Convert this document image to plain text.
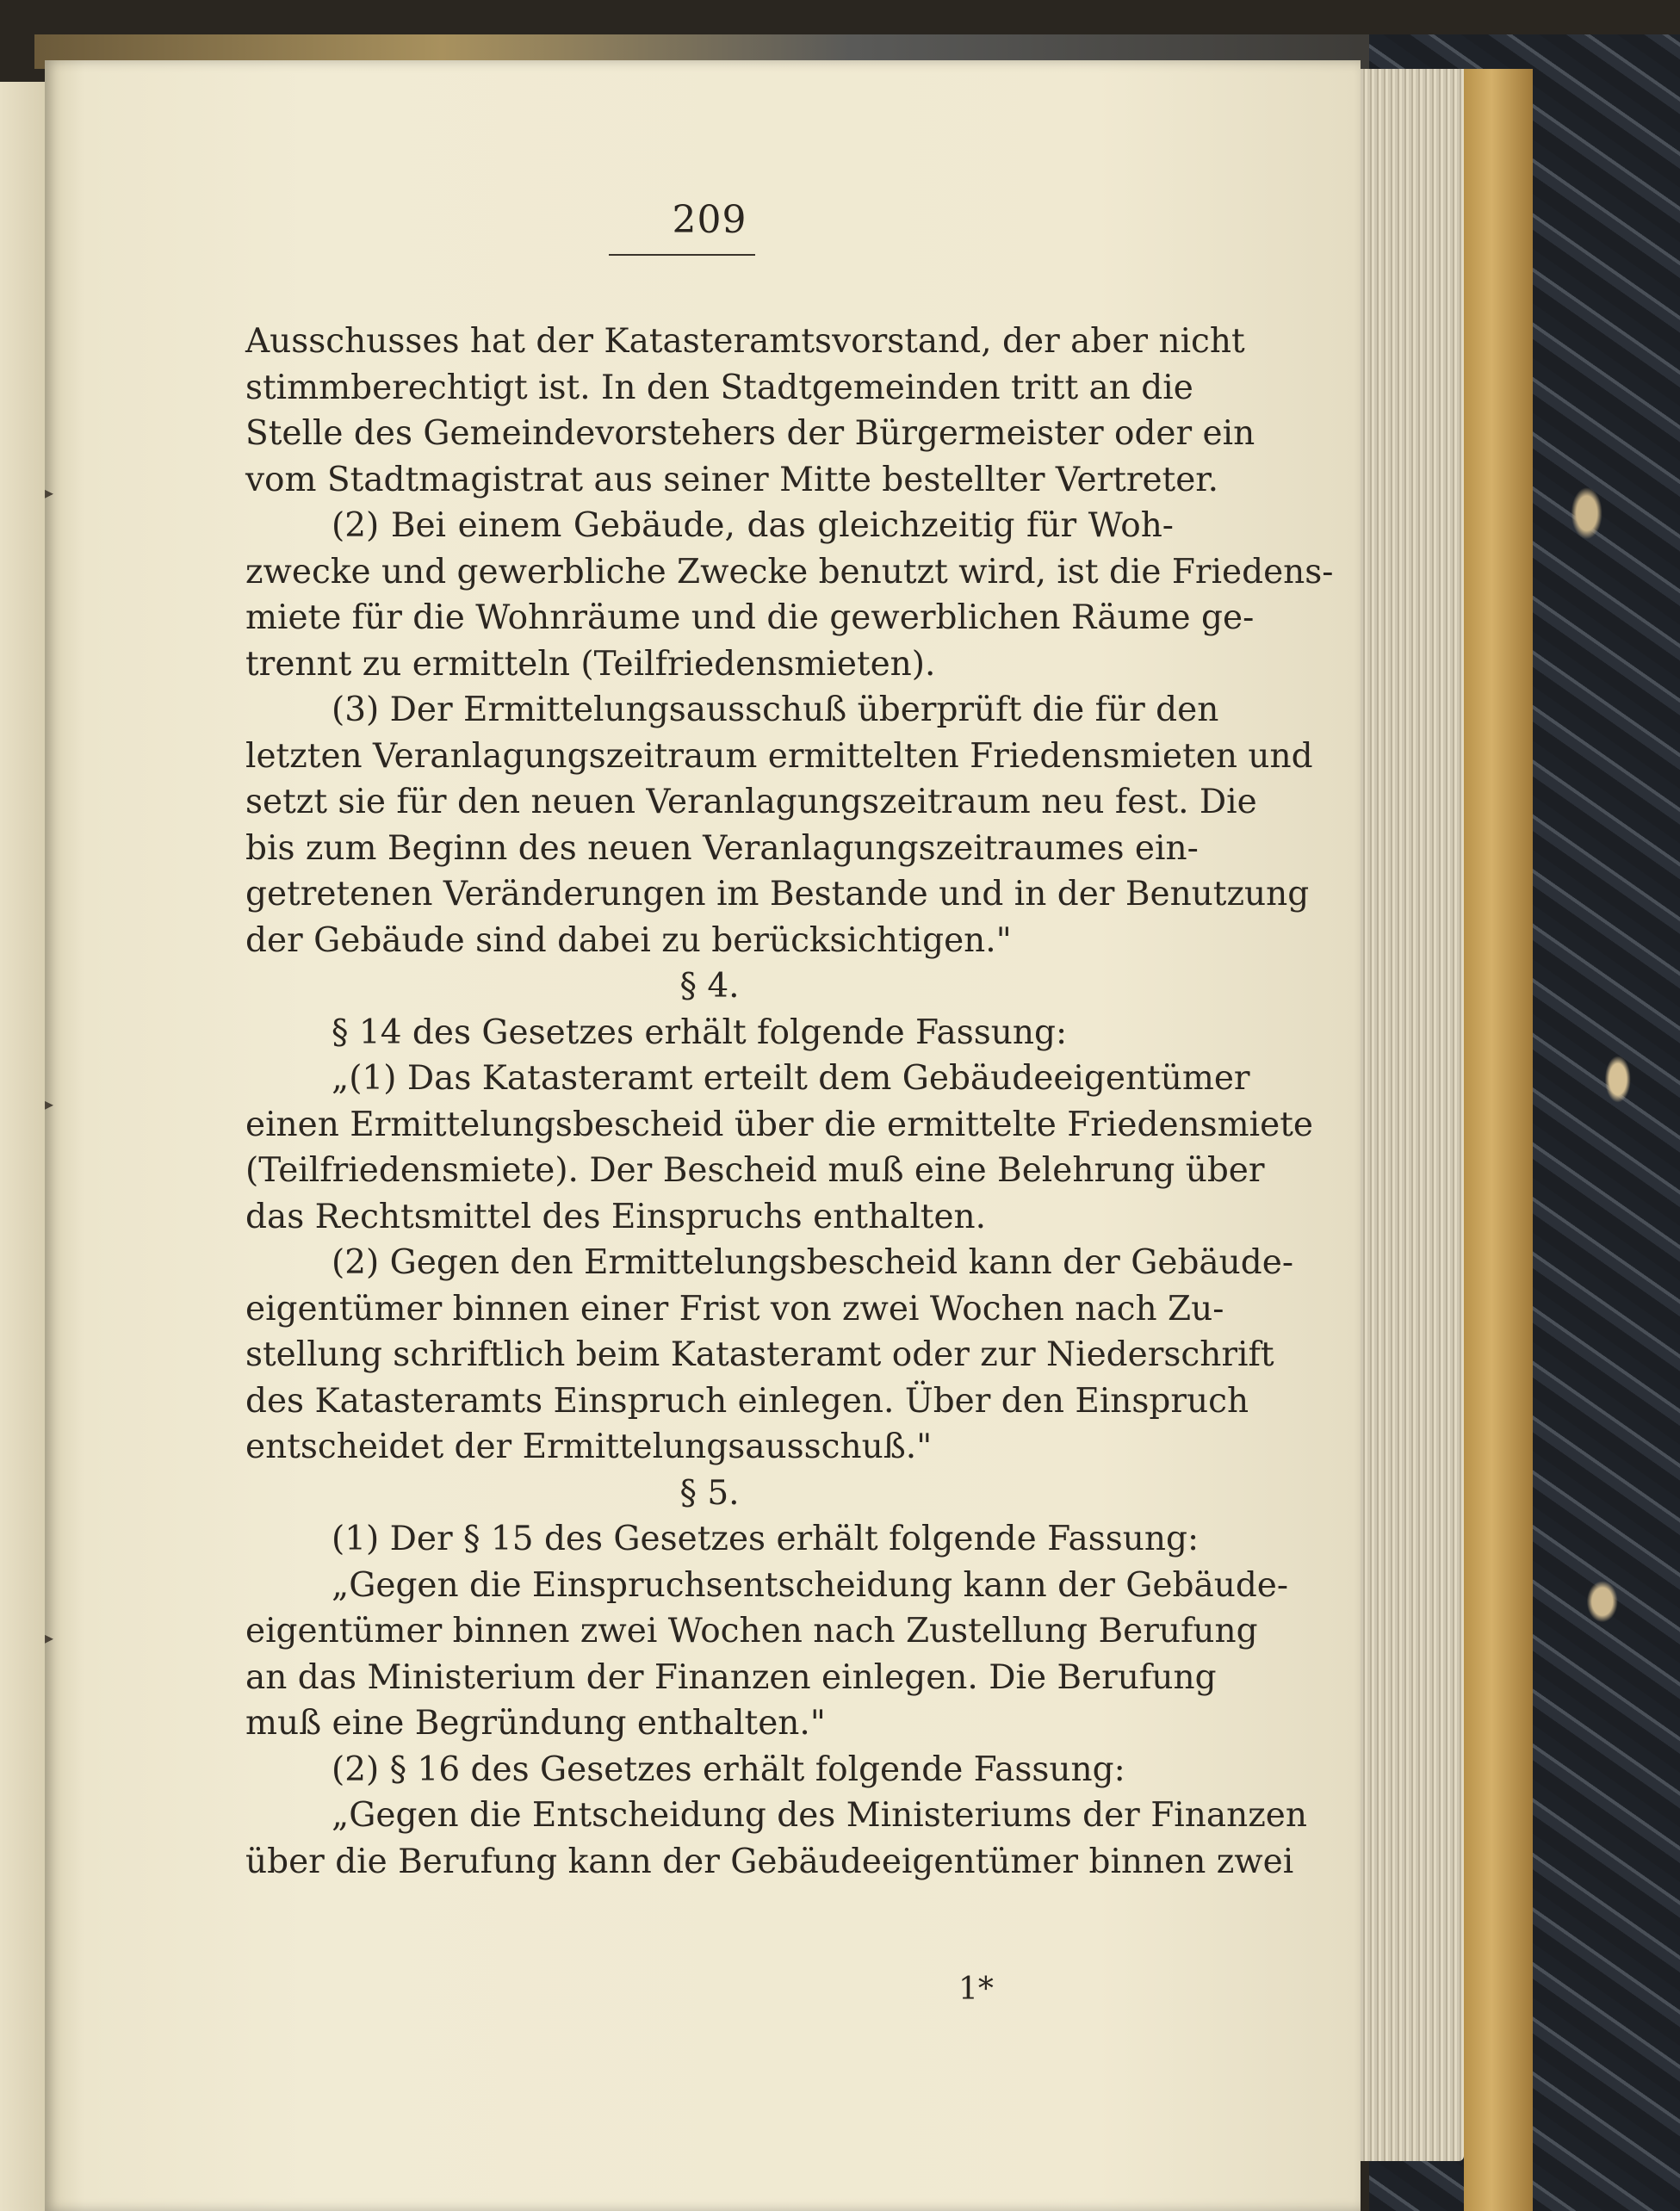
209
Ausschusses hat der Katasteramtsvorstand, der aber nicht
stimmberechtigt ist. In den Stadtgemeinden tritt an die
Stelle des Gemeindevorstehers der Bürgermeister oder ein
vom Stadtmagistrat aus seiner Mitte bestellter Vertreter.
(2) Bei einem Gebäude, das gleichzeitig für Woh-
zwecke und gewerbliche Zwecke benutzt wird, ist die Friedens-
miete für die Wohnräume und die gewerblichen Räume ge-
trennt zu ermitteln (Teilfriedensmieten).
(3) Der Ermittelungsausschuß überprüft die für den
letzten Veranlagungszeitraum ermittelten Friedensmieten und
setzt sie für den neuen Veranlagungszeitraum neu fest. Die
bis zum Beginn des neuen Veranlagungszeitraumes ein-
getretenen Veränderungen im Bestande und in der Benutzung
der Gebäude sind dabei zu berücksichtigen."
§ 4.
§ 14 des Gesetzes erhält folgende Fassung:
„(1) Das Katasteramt erteilt dem Gebäudeeigentümer
einen Ermittelungsbescheid über die ermittelte Friedensmiete
(Teilfriedensmiete). Der Bescheid muß eine Belehrung über
das Rechtsmittel des Einspruchs enthalten.
(2) Gegen den Ermittelungsbescheid kann der Gebäude-
eigentümer binnen einer Frist von zwei Wochen nach Zu-
stellung schriftlich beim Katasteramt oder zur Niederschrift
des Katasteramts Einspruch einlegen. Über den Einspruch
entscheidet der Ermittelungsausschuß."
§ 5.
(1) Der § 15 des Gesetzes erhält folgende Fassung:
„Gegen die Einspruchsentscheidung kann der Gebäude-
eigentümer binnen zwei Wochen nach Zustellung Berufung
an das Ministerium der Finanzen einlegen. Die Berufung
muß eine Begründung enthalten."
(2) § 16 des Gesetzes erhält folgende Fassung:
„Gegen die Entscheidung des Ministeriums der Finanzen
über die Berufung kann der Gebäudeeigentümer binnen zwei
1*
▸
▸
▸
